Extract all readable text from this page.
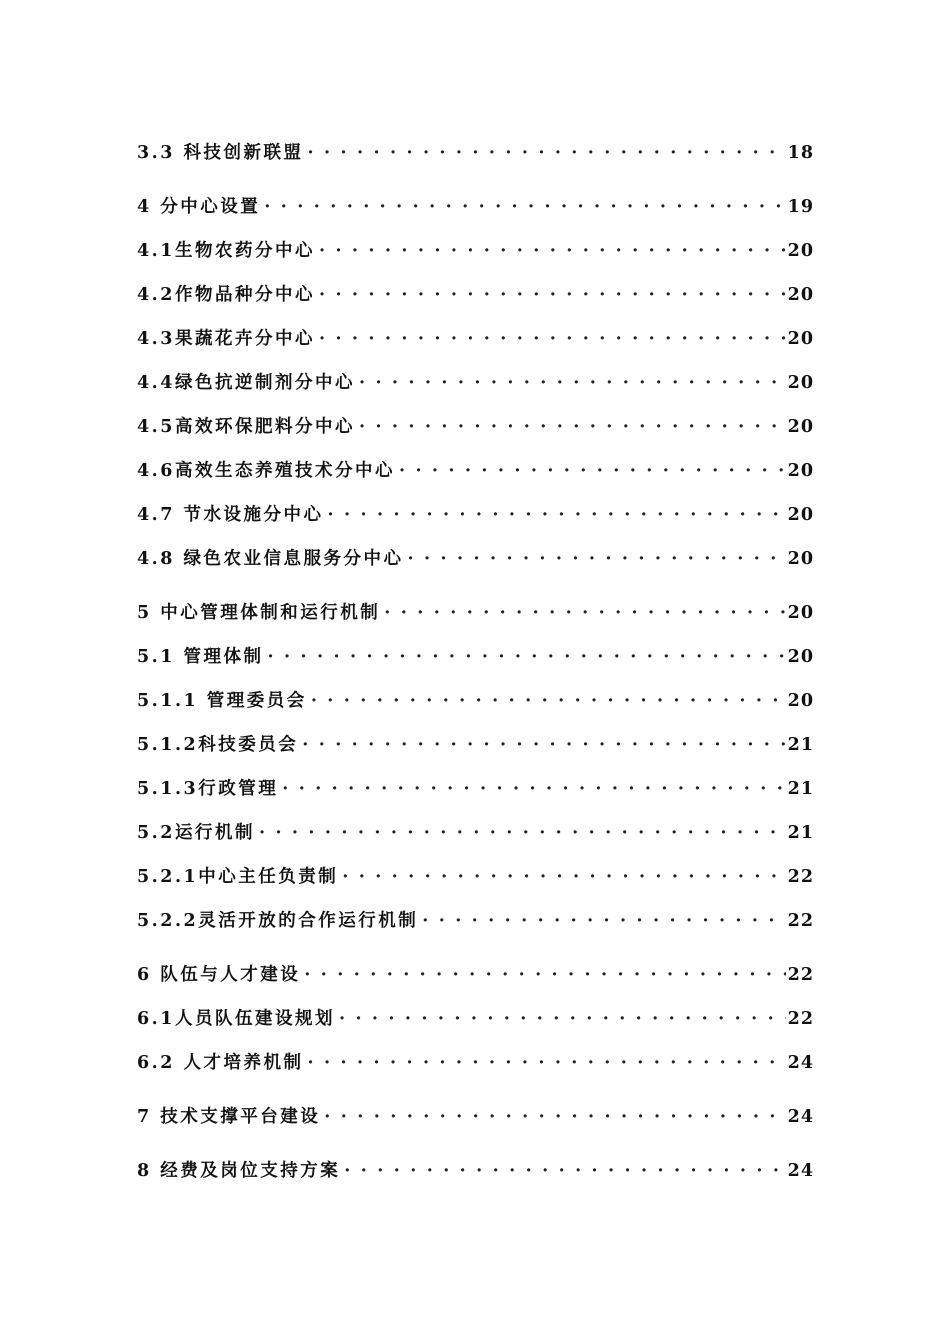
3.3 科技创新联盟 · · ·	18
4 分中心设置 · · ·	19
4.1生物农药分中心 · · ·	20
4.2作物品种分中心 · · ·	20
4.3果蔬花卉分中心 · · ·	20
4.4绿色抗逆制剂分中心 · · ·	20
4.5高效环保肥料分中心 · · ·	20
4.6高效生态养殖技术分中心 · · ·	20
4.7 节水设施分中心 · · ·	20
4.8 绿色农业信息服务分中心 · · ·	20
5 中心管理体制和运行机制 · · ·	20
5.1 管理体制 · · ·	20
5.1.1 管理委员会 · · ·	20
5.1.2科技委员会 · · ·	21
5.1.3行政管理 · · ·	21
5.2运行机制 · · ·	21
5.2.1中心主任负责制 · · ·	22
5.2.2灵活开放的合作运行机制 · · ·	22
6 队伍与人才建设 · · ·	22
6.1人员队伍建设规划 · · ·	22
6.2 人才培养机制 · · ·	24
7 技术支撑平台建设 · · ·	24
8 经费及岗位支持方案 · · ·	24
